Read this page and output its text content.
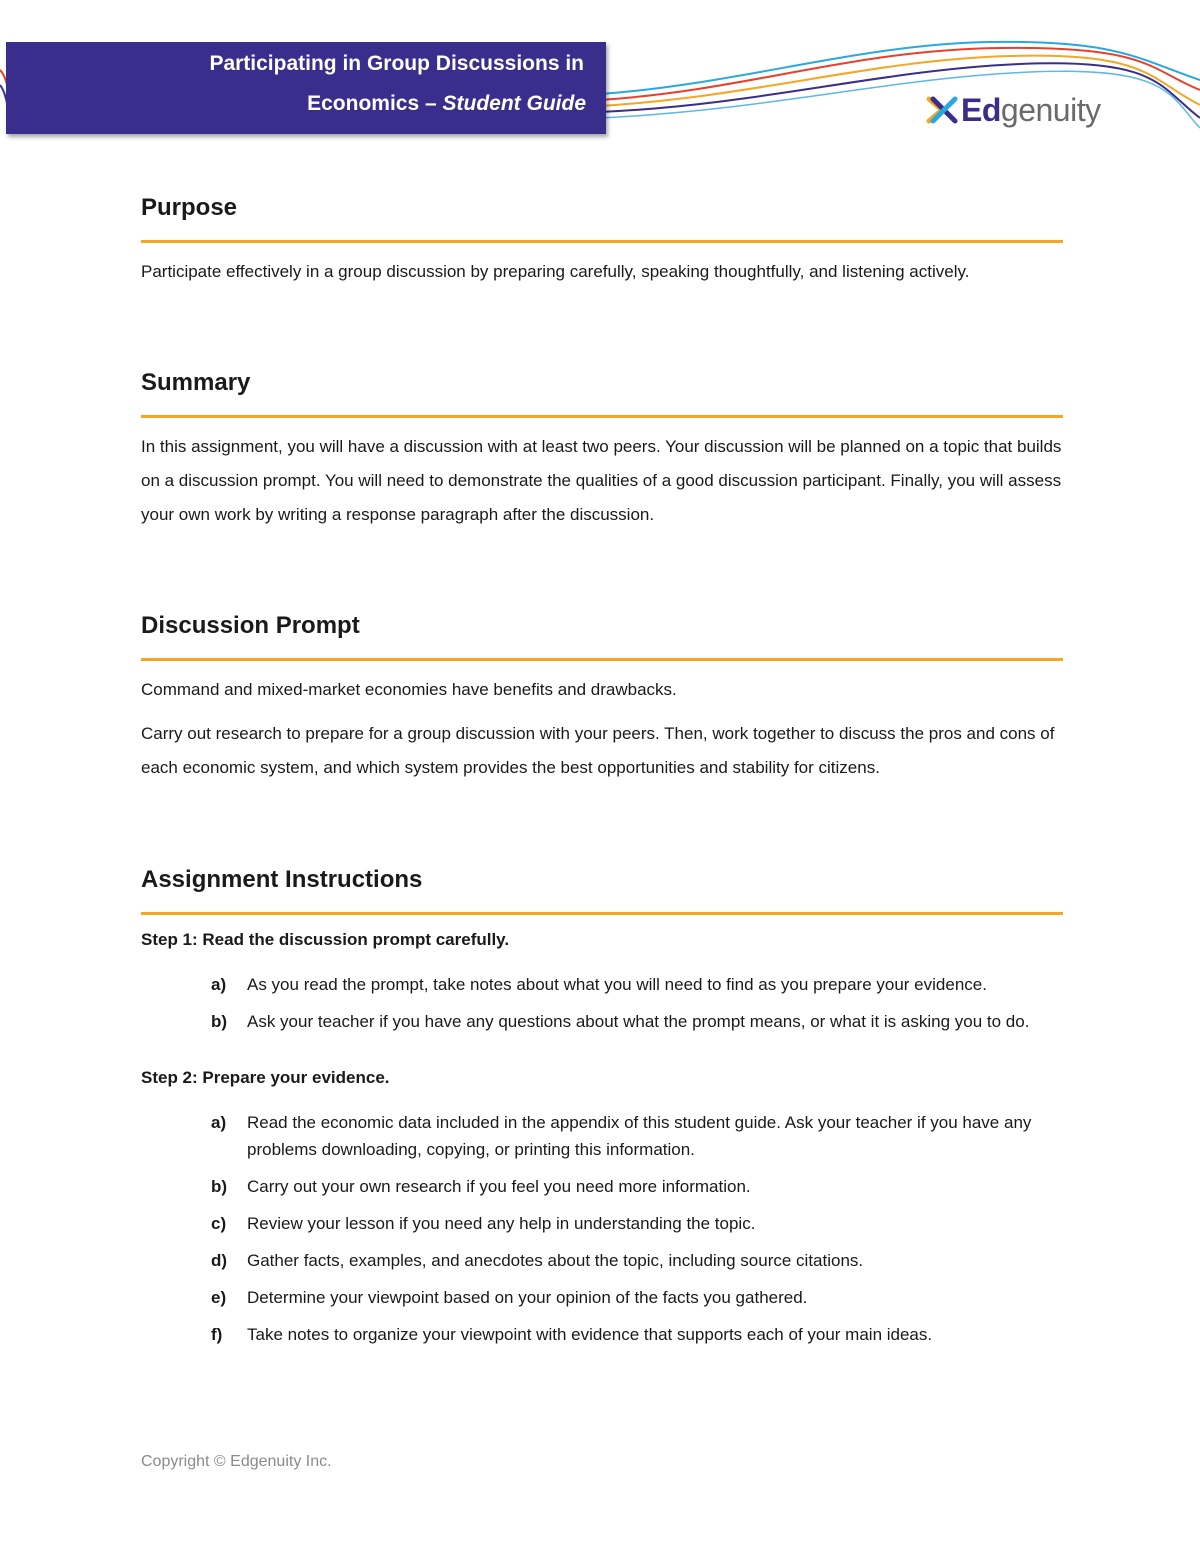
Participating in Group Discussions in
Economics – Student Guide	Edgenuity
Purpose

Participate effectively in a group discussion by preparing carefully, speaking thoughtfully, and listening actively.

Summary

In this assignment, you will have a discussion with at least two peers. Your discussion will be planned on a topic that builds on a discussion prompt. You will need to demonstrate the qualities of a good discussion participant. Finally, you will assess your own work by writing a response paragraph after the discussion.

Discussion Prompt

Command and mixed-market economies have benefits and drawbacks.

Carry out research to prepare for a group discussion with your peers. Then, work together to discuss the pros and cons of each economic system, and which system provides the best opportunities and stability for citizens.

Assignment Instructions
Step 1: Read the discussion prompt carefully.
a) As you read the prompt, take notes about what you will need to find as you prepare your evidence.
b) Ask your teacher if you have any questions about what the prompt means, or what it is asking you to do.
Step 2: Prepare your evidence.
a) Read the economic data included in the appendix of this student guide. Ask your teacher if you have any problems downloading, copying, or printing this information.
b) Carry out your own research if you feel you need more information.
c) Review your lesson if you need any help in understanding the topic.
d) Gather facts, examples, and anecdotes about the topic, including source citations.
e) Determine your viewpoint based on your opinion of the facts you gathered.
f) Take notes to organize your viewpoint with evidence that supports each of your main ideas.
Copyright © Edgenuity Inc.
